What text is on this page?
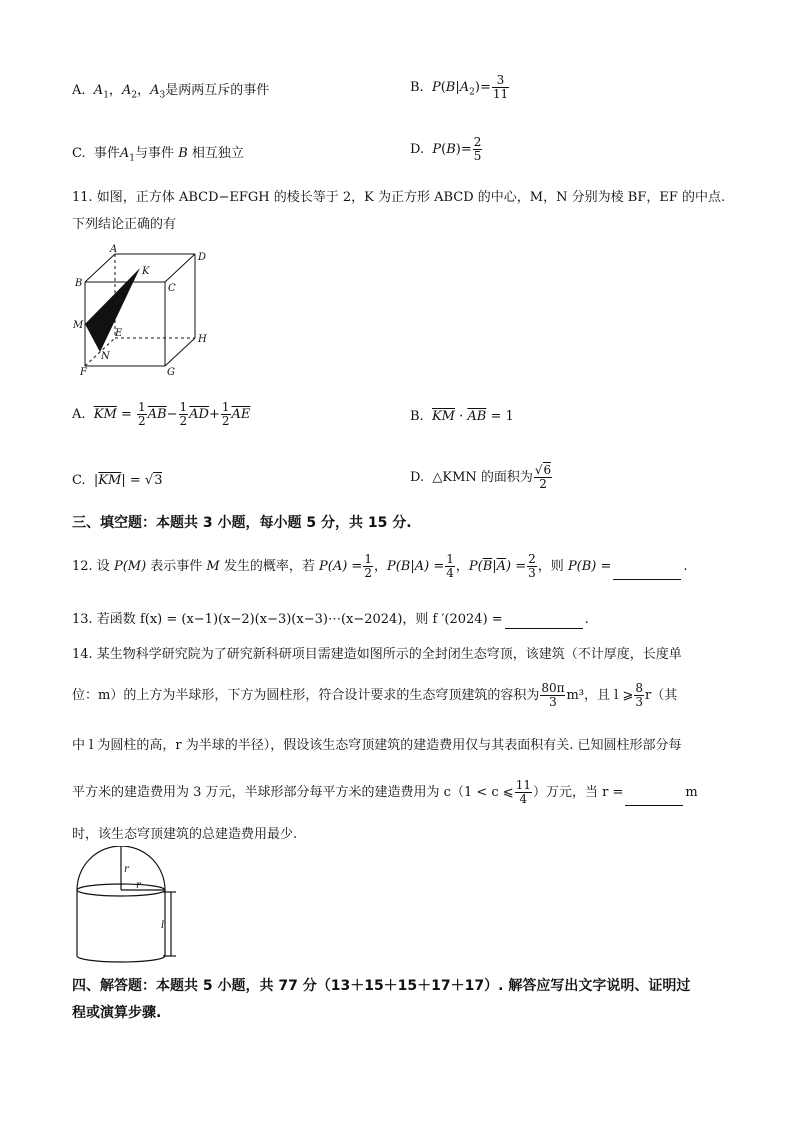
A. $A_1$，$A_2$，$A_3$是两两互斥的事件	B. $P(B|A_2)= \frac{3}{11}$
C. 事件$A_1$与事件 B 相互独立	D. $P(B)= \frac{2}{5}$
11. 如图，正方体 ABCD−EFGH 的棱长等于 2，K 为正方形 ABCD 的中心，M，N 分别为棱 BF，EF 的中点.
下列结论正确的有
A
D
B	C
K
M
E
N
H
F	G
A. $\overline{KM} = \frac{1}{2} \overline{AB}- \frac{1}{2} \overline{AD}+ \frac{1}{2} \overline{AE}$	B. $\overline{KM} \cdot \overline{AB} = 1$
C. $|\overline{KM}| = √3$	D. △KMN 的面积为 $\frac{√6}{2}$
三、填空题：本题共 3 小题，每小题 5 分，共 15 分.
12. 设 P(M) 表示事件 M 发生的概率，若 $P(A) = \frac{1}{2}$ ，$P(B|A) = \frac{1}{4}$ ，$P(\overline{B}|\overline{A}) = \frac{2}{3}$ ，则 P(B) =	.
13. 若函数 f(x) = (x−1)(x−2)(x−3)(x−3)⋯(x−2024)，则 f ′(2024) =	.
14. 某生物科学研究院为了研究新科研项目需建造如图所示的全封闭生态穹顶，该建筑（不计厚度，长度单
位：m）的上方为半球形，下方为圆柱形，符合设计要求的生态穹顶建筑的容积为 $\frac{80\pi}{3} m^3$，且 l ⩾ $\frac{8}{3} r$（其
中 l 为圆柱的高，r 为半球的半径），假设该生态穹顶建筑的建造费用仅与其表面积有关. 已知圆柱形部分每
平方米的建造费用为 3 万元，半球形部分每平方米的建造费用为 c（1 < c ⩽ $\frac{11}{4}$ ）万元，当 r =	m
时，该生态穹顶建筑的总建造费用最少.
r
r
l
四、解答题：本题共 5 小题，共 77 分（13＋15＋15＋17＋17）. 解答应写出文字说明、证明过
程或演算步骤.
